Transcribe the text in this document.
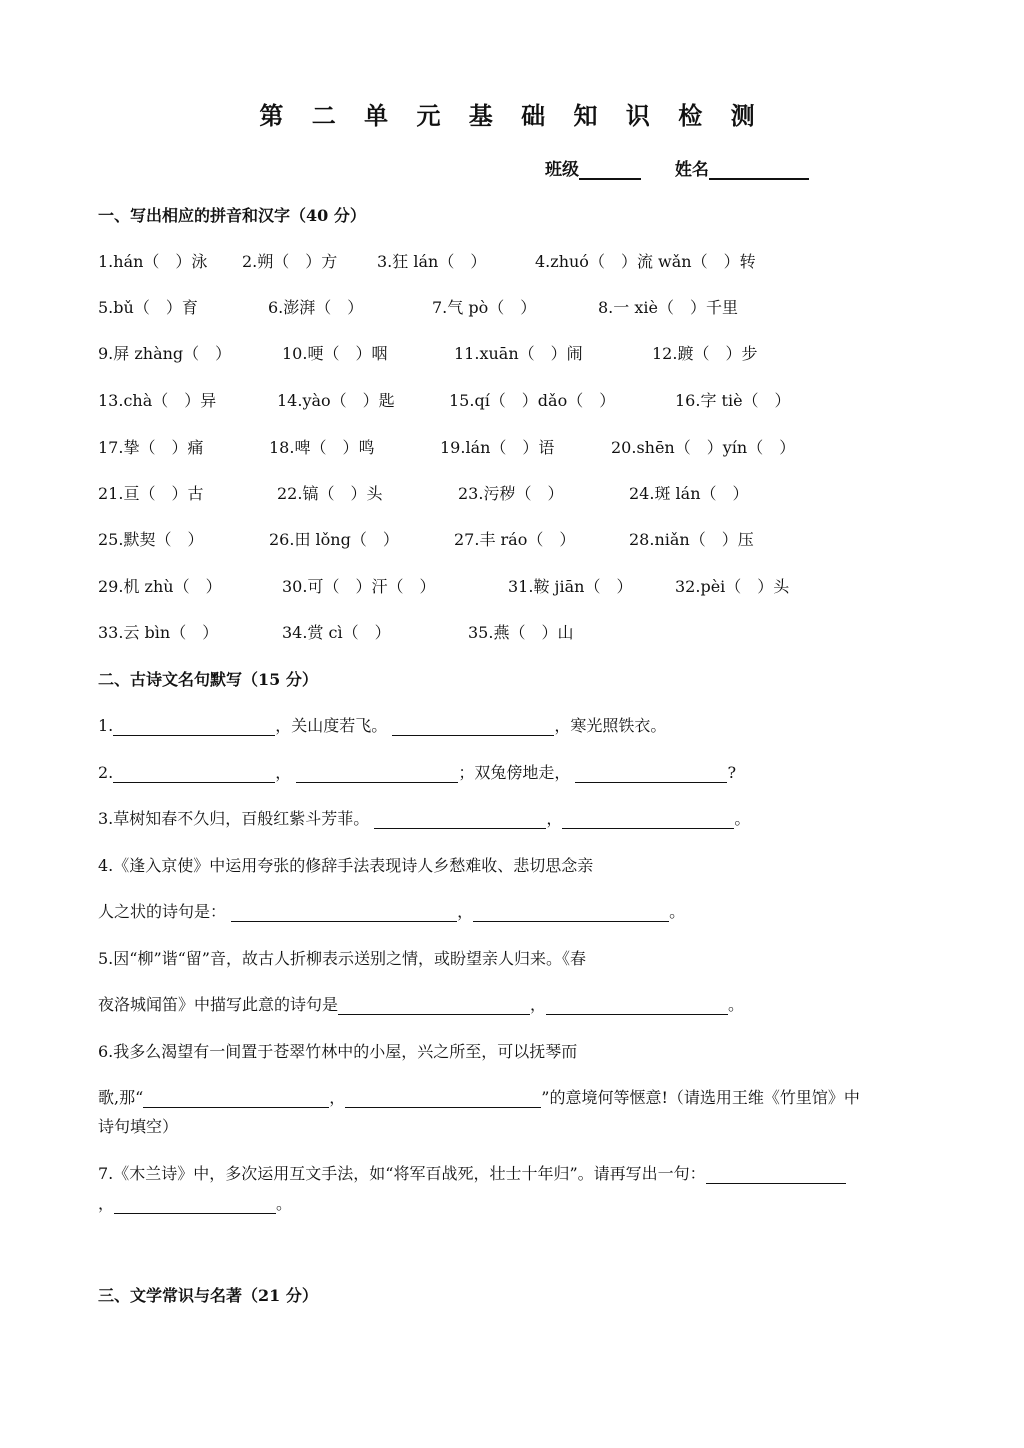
第 二 单 元 基 础 知 识 检 测
班级	姓名
一、写出相应的拼音和汉字（40 分）
1.hán（　）泳 2.朔（　）方 3.狂 lán（　）	4.zhuó（　）流 wǎn（　）转
5.bǔ（　）育	6.澎湃（　）	7.气 pò（　）	8.一 xiè（　）千里
9.屏 zhàng（　）	10.哽（　）咽	11.xuān（　）闹	12.踱（　）步
13.chà（　）异	14.yào（　）匙	15.qí（　）dǎo（　）	16.字 tiè（　）
17.挚（　）痛	18.啤（　）鸣	19.lán（　）语	20.shēn（　）yín（　）
21.亘（　）古	22.镐（　）头	23.污秽（　）	24.斑 lán（　）
25.默契（　）	26.田 lǒng（　）	27.丰 ráo（　）	28.niǎn（　）压
29.机 zhù（　）	30.可（　）汗（　）	31.鞍 jiān（　）	32.pèi（　）头
33.云 bìn（　）	34.赏 cì（　）	35.燕（　）山
二、古诗文名句默写（15 分）
1.	，关山度若飞。	，寒光照铁衣。
2.	，	；双兔傍地走，	?
3.草树知春不久归，百般红紫斗芳菲。	，	。
4.《逢入京使》中运用夸张的修辞手法表现诗人乡愁难收、悲切思念亲
人之状的诗句是：	，	。
5.因“柳”谐“留”音，故古人折柳表示送别之情，或盼望亲人归来。《春
夜洛城闻笛》中描写此意的诗句是	，	。
6.我多么渴望有一间置于苍翠竹林中的小屋，兴之所至，可以抚琴而
歌,那“	，	”的意境何等惬意!（请选用王维《竹里馆》中
诗句填空）
7.《木兰诗》中，多次运用互文手法，如“将军百战死，壮士十年归”。请再写出一句：
，	。
三、文学常识与名著（21 分）
